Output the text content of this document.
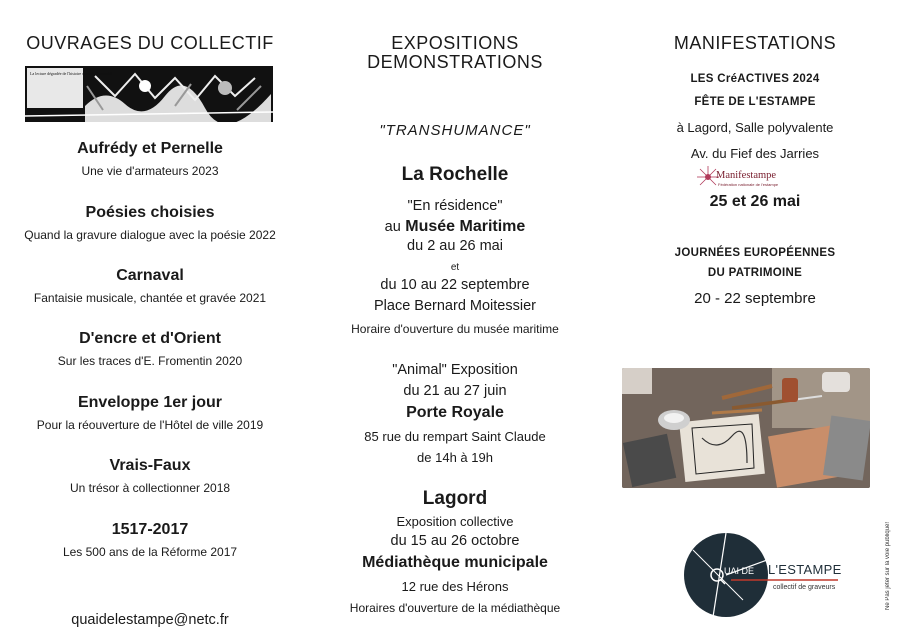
OUVRAGES DU COLLECTIF
La lecture dégradée de l'histoire conduit l'humanité
Aufrédy et Pernelle
Une vie d'armateurs 2023
Poésies choisies
Quand la gravure dialogue avec la poésie 2022
Carnaval
Fantaisie musicale, chantée et gravée 2021
D'encre et d'Orient
Sur les traces d'E. Fromentin 2020
Enveloppe 1er jour
Pour la réouverture de l'Hôtel de ville 2019
Vrais-Faux
Un trésor à collectionner 2018
1517-2017
Les 500 ans de la Réforme 2017
quaidelestampe@netc.fr
EXPOSITIONS
DEMONSTRATIONS
"TRANSHUMANCE"
La Rochelle
"En résidence"
au Musée Maritime
du 2 au 26 mai
et
du 10 au 22 septembre
Place Bernard Moitessier
Horaire d'ouverture du musée maritime
"Animal" Exposition
du 21 au 27 juin
Porte Royale
85 rue du rempart Saint Claude
de 14h à 19h
Lagord
Exposition collective
du 15 au 26 octobre
Médiathèque municipale
12 rue des Hérons
Horaires d'ouverture de la médiathèque
MANIFESTATIONS
LES CréACTIVES 2024
FÊTE DE L'ESTAMPE
à Lagord, Salle polyvalente
Av. du Fief des Jarries
25 et 26 mai
JOURNÉES EUROPÉENNES
DU PATRIMOINE
20 - 22 septembre
Manifestampe
Fédération nationale de l'estampe
Ne Pas jeter sur la voie publique!
UAI DE L'ESTAMPE
collectif de graveurs
